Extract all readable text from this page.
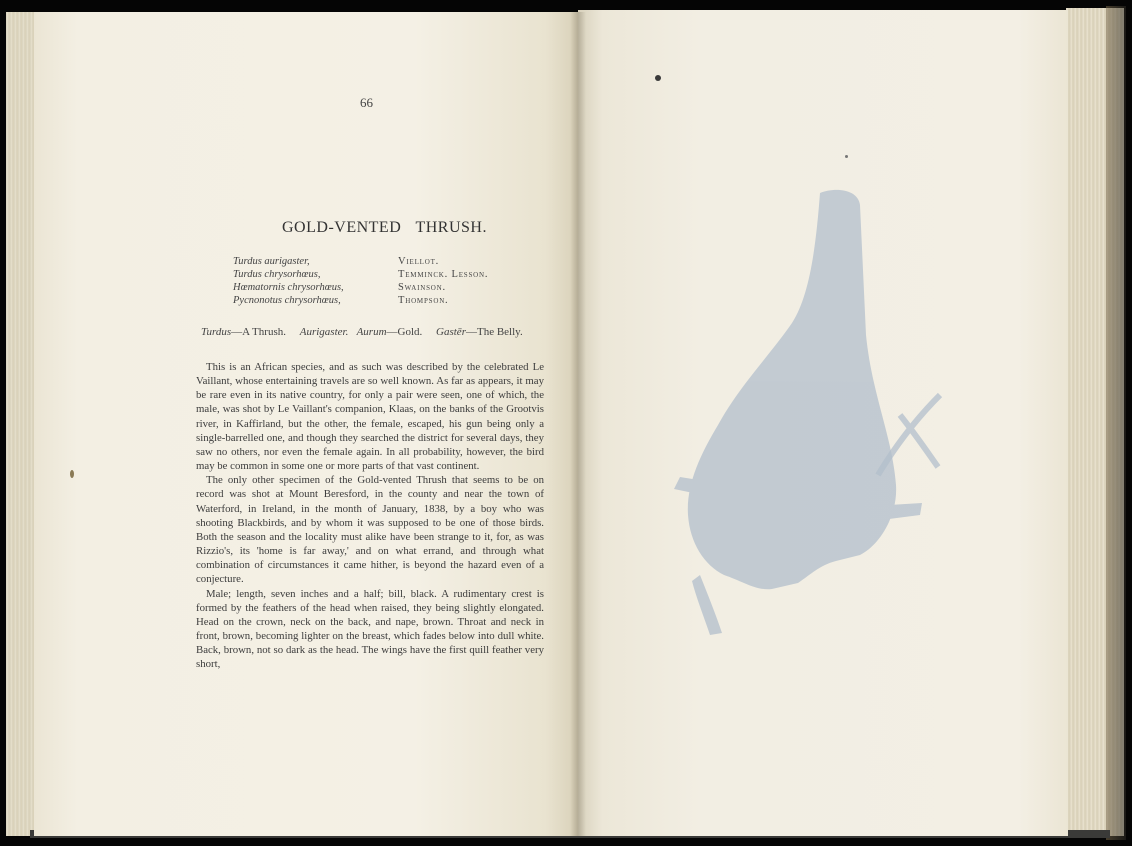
66
GOLD-VENTED THRUSH.
Turdus aurigaster,	Viellot.
Turdus chrysorhœus,	Temminck. Lesson.
Hœmatornis chrysorhœus,	Swainson.
Pycnonotus chrysorhœus,	Thompson.
Turdus—A Thrush. Aurigaster. Aurum—Gold. Gastēr—The Belly.

This is an African species, and as such was described by the celebrated Le Vaillant, whose entertaining travels are so well known. As far as appears, it may be rare even in its native country, for only a pair were seen, one of which, the male, was shot by Le Vaillant's companion, Klaas, on the banks of the Grootvis river, in Kaffirland, but the other, the female, escaped, his gun being only a single-barrelled one, and though they searched the district for several days, they saw no others, nor even the female again. In all probability, however, the bird may be common in some one or more parts of that vast continent.

The only other specimen of the Gold-vented Thrush that seems to be on record was shot at Mount Beresford, in the county and near the town of Waterford, in Ireland, in the month of January, 1838, by a boy who was shooting Blackbirds, and by whom it was supposed to be one of those birds. Both the season and the locality must alike have been strange to it, for, as was Rizzio's, its 'home is far away,' and on what errand, and through what combination of circumstances it came hither, is beyond the hazard even of a conjecture.

Male; length, seven inches and a half; bill, black. A rudimentary crest is formed by the feathers of the head when raised, they being slightly elongated. Head on the crown, neck on the back, and nape, brown. Throat and neck in front, brown, becoming lighter on the breast, which fades below into dull white. Back, brown, not so dark as the head. The wings have the first quill feather very short,
